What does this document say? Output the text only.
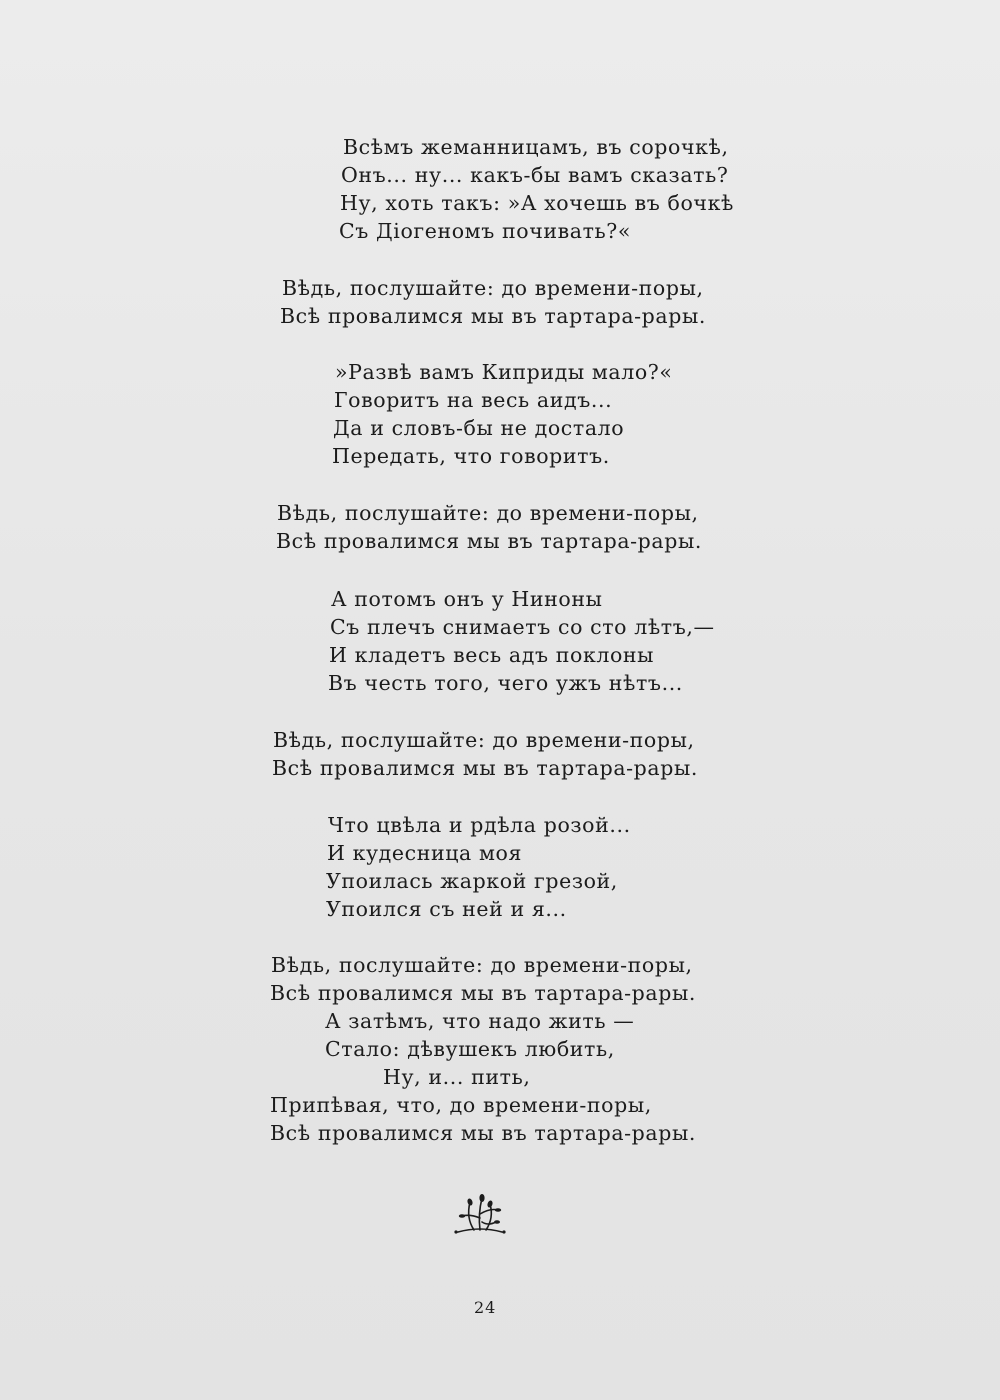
Всѣмъ жеманницамъ, въ сорочкѣ,
Онъ... ну... какъ-бы вамъ сказать?
Ну, хоть такъ: »А хочешь въ бочкѣ
Съ Діогеномъ почивать?«
Вѣдь, послушайте: до времени-поры,
Всѣ провалимся мы въ тартара-рары.
»Развѣ вамъ Киприды мало?«
Говоритъ на весь аидъ...
Да и словъ-бы не достало
Передать, что говоритъ.
Вѣдь, послушайте: до времени-поры,
Всѣ провалимся мы въ тартара-рары.
А потомъ онъ у Нинoны
Съ плечъ снимаетъ со сто лѣтъ,—
И кладетъ весь адъ поклоны
Въ честь того, чего ужъ нѣтъ...
Вѣдь, послушайте: до времени-поры,
Всѣ провалимся мы въ тартара-рары.
Что цвѣла и рдѣла розой...
И кудесница моя
Упоилась жаркой грезой,
Упоился съ ней и я...
Вѣдь, послушайте: до времени-поры,
Всѣ провалимся мы въ тартара-рары.
А затѣмъ, что надо жить —
Стало: дѣвушекъ любить,
Ну, и... пить,
Припѣвая, что, до времени-поры,
Всѣ провалимся мы въ тартара-рары.
24
